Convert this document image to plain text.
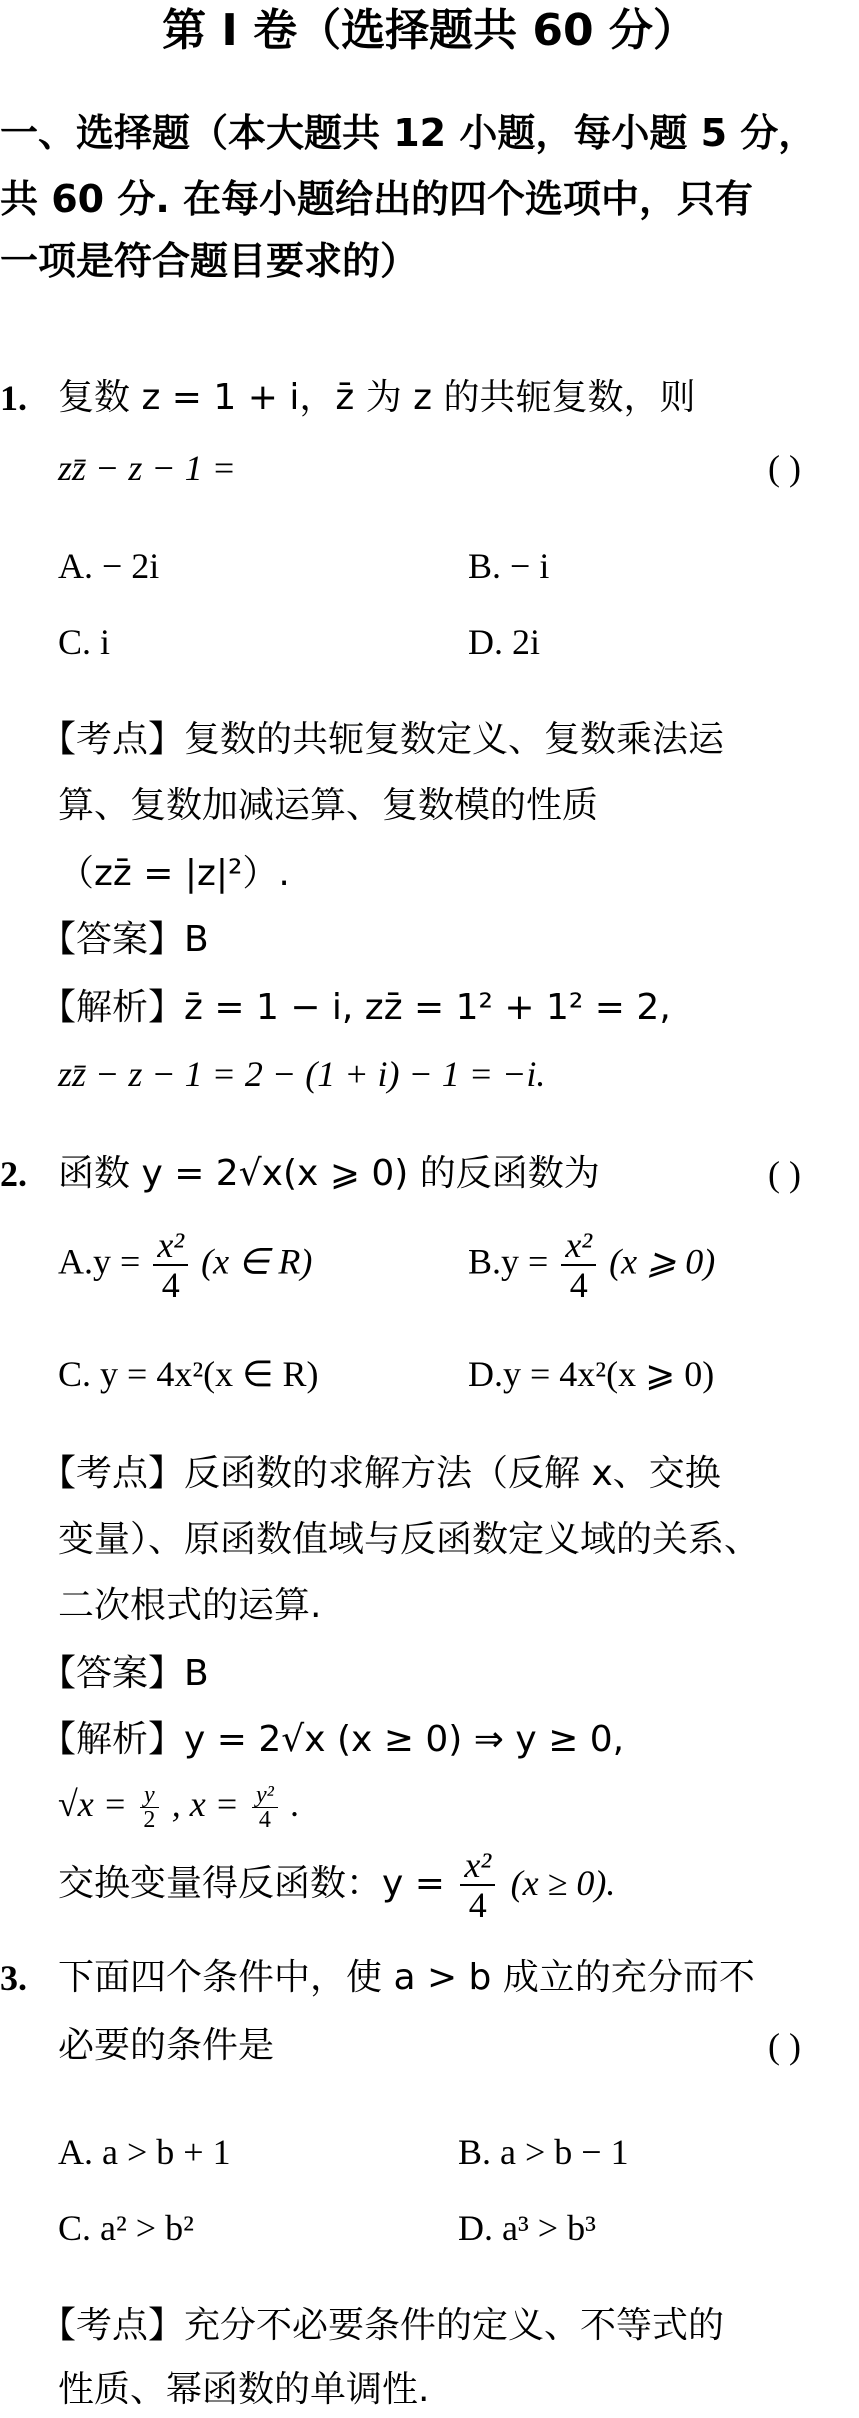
第 I 卷（选择题共 60 分）
一、选择题（本大题共 12 小题，每小题 5 分，
共 60 分. 在每小题给出的四个选项中，只有
一项是符合题目要求的）
1. 复数 z = 1 + i，z̄ 为 z 的共轭复数，则
zz̄ − z − 1 =	( )
A. − 2i	B. − i
C. i	D. 2i
【考点】复数的共轭复数定义、复数乘法运
算、复数加减运算、复数模的性质
（zz̄ = |z|²）.
【答案】B
【解析】z̄ = 1 − i, zz̄ = 1² + 1² = 2,
zz̄ − z − 1 = 2 − (1 + i) − 1 = −i.
2. 函数 y = 2√x(x ⩾ 0) 的反函数为	( )
$A.y = \frac{\text{x²}}{4} (x$ ∈ R)	$B.y = \frac{\text{x²}}{4} (x$ ⩾ 0)
C. y = 4x²(x ∈ R)	D.y = 4x²(x ⩾ 0)
【考点】反函数的求解方法（反解 x、交换
变量）、原函数值域与反函数定义域的关系、
二次根式的运算.
【答案】B
【解析】y = 2√x (x ≥ 0) ⇒ y ≥ 0,
$√x = \frac{y}{2}$ , $x = \frac{\text{y²}}{4}$ .
交换变量得反函数：$y = \frac{\text{x²}}{4} (x \ge 0)$.
3. 下面四个条件中，使 a > b 成立的充分而不
必要的条件是	( )
A. a > b + 1	B. a > b − 1
C. a² > b²	D. a³ > b³
【考点】充分不必要条件的定义、不等式的
性质、幂函数的单调性.
